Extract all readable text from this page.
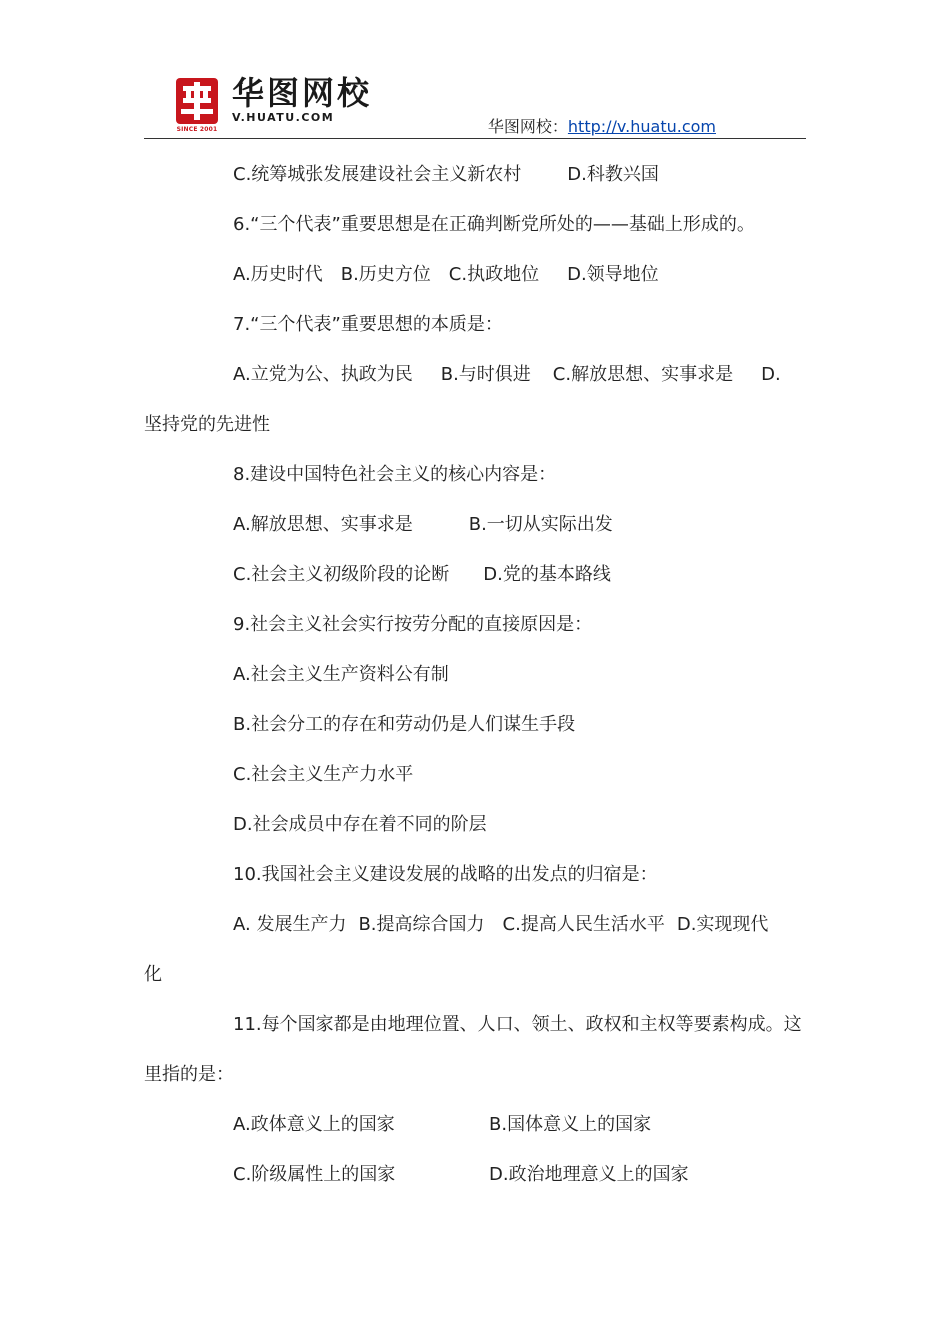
SINCE 2001
华图网校
V.HUATU.COM	华图网校：http://v.huatu.com
C.统筹城张发展建设社会主义新农村	D.科教兴国
6.“三个代表”重要思想是在正确判断党所处的——基础上形成的。
A.历史时代 B.历史方位 C.执政地位 D.领导地位
7.“三个代表”重要思想的本质是：
A.立党为公、执政为民 B.与时俱进 C.解放思想、实事求是 D.
坚持党的先进性
8.建设中国特色社会主义的核心内容是：
A.解放思想、实事求是	B.一切从实际出发
C.社会主义初级阶段的论断 D.党的基本路线
9.社会主义社会实行按劳分配的直接原因是：
A.社会主义生产资料公有制
B.社会分工的存在和劳动仍是人们谋生手段
C.社会主义生产力水平
D.社会成员中存在着不同的阶层
10.我国社会主义建设发展的战略的出发点的归宿是：
A. 发展生产力 B.提高综合国力 C.提高人民生活水平 D.实现现代
化
11.每个国家都是由地理位置、人口、领土、政权和主权等要素构成。这
里指的是：
A.政体意义上的国家	B.国体意义上的国家
C.阶级属性上的国家	D.政治地理意义上的国家
